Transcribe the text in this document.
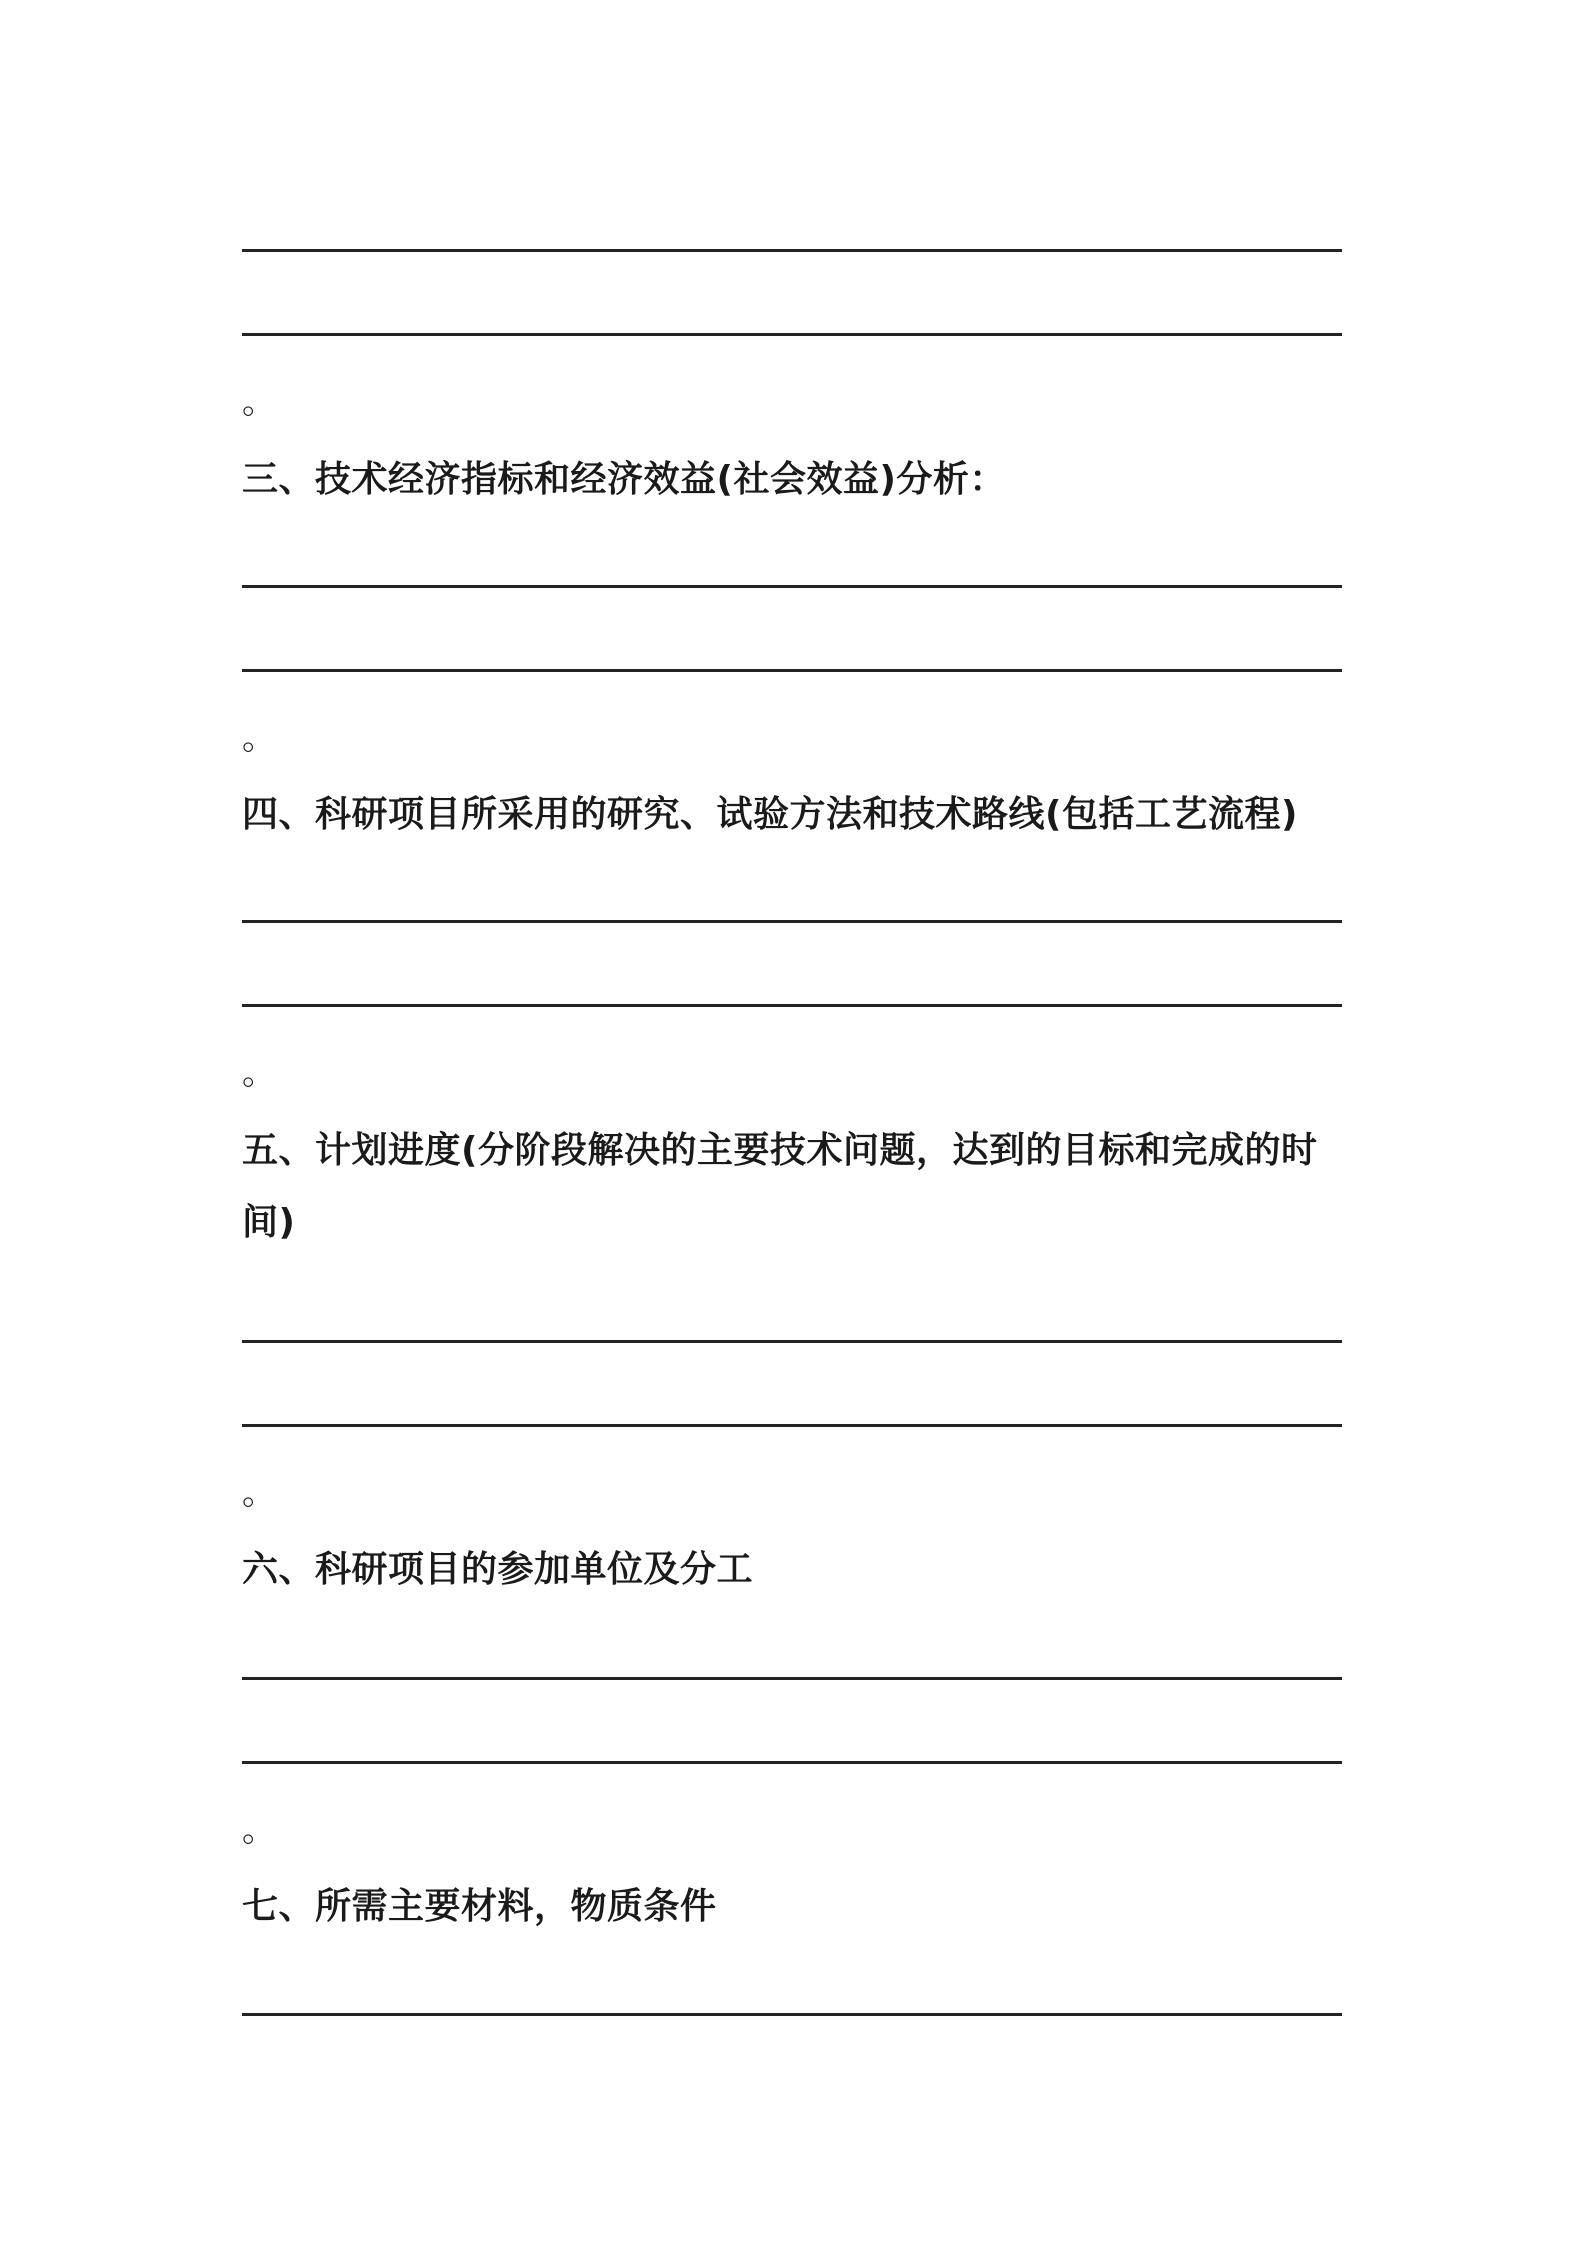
。
三、技术经济指标和经济效益(社会效益)分析：
。
四、科研项目所采用的研究、试验方法和技术路线(包括工艺流程)
。
五、计划进度(分阶段解决的主要技术问题，达到的目标和完成的时间)
。
六、科研项目的参加单位及分工
。
七、所需主要材料，物质条件
